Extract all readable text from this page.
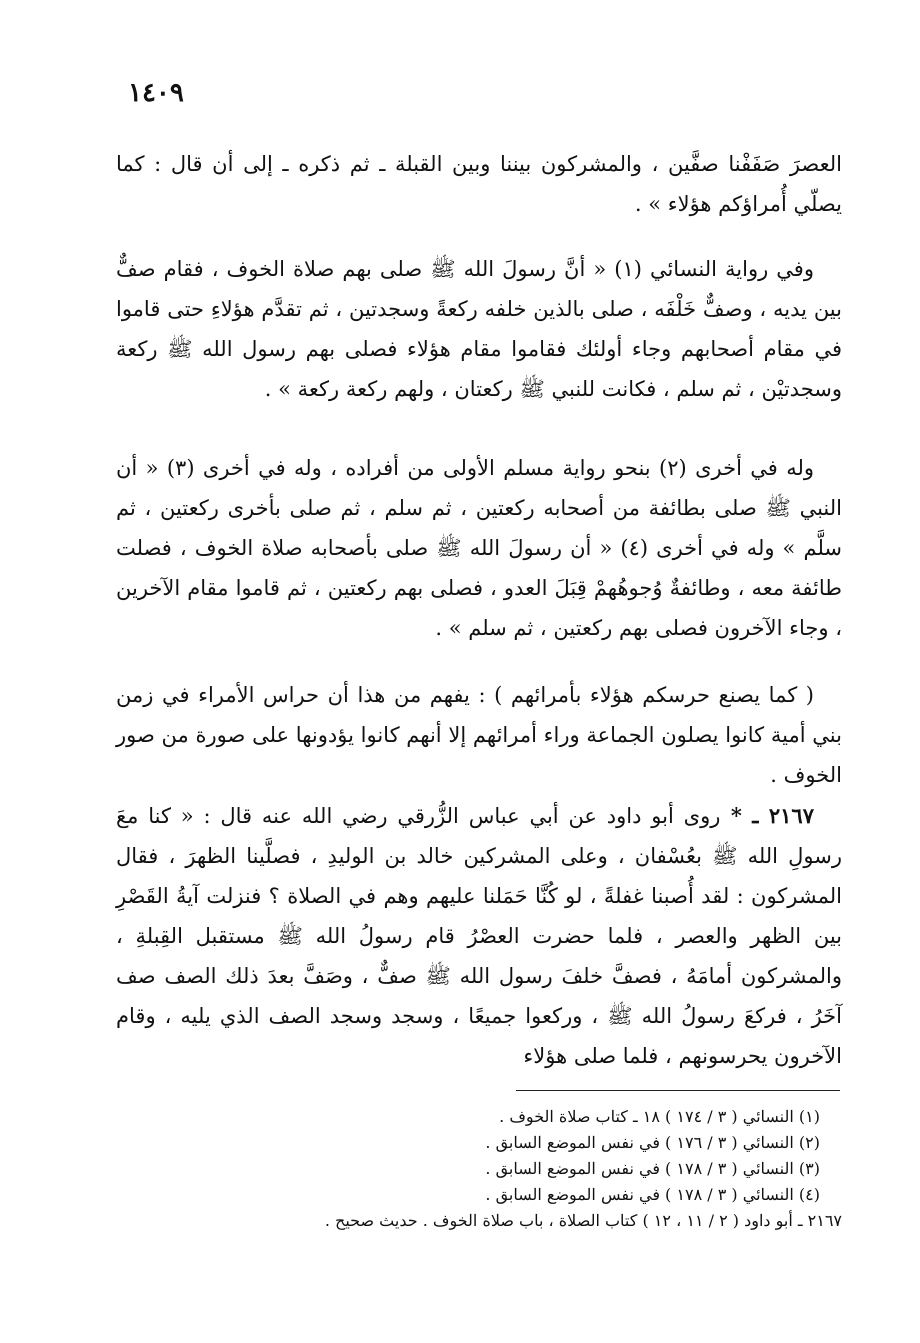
١٤٠٩

العصرَ صَفَفْنا صفَّين ، والمشركون بيننا وبين القبلة ـ ثم ذكره ـ إلى أن قال : كما يصلّي أُمراؤكم هؤلاء » .

وفي رواية النسائي (١) « أنَّ رسولَ الله ﷺ صلى بهم صلاة الخوف ، فقام صفٌّ بين يديه ، وصفٌّ خَلْفَه ، صلى بالذين خلفه ركعةً وسجدتين ، ثم تقدَّم هؤلاءِ حتى قاموا في مقام أصحابهم وجاء أولئك فقاموا مقام هؤلاء فصلى بهم رسول الله ﷺ ركعة وسجدتيْن ، ثم سلم ، فكانت للنبي ﷺ ركعتان ، ولهم ركعة ركعة » .

وله في أخرى (٢) بنحو رواية مسلم الأولى من أفراده ، وله في أخرى (٣) « أن النبي ﷺ صلى بطائفة من أصحابه ركعتين ، ثم سلم ، ثم صلى بأخرى ركعتين ، ثم سلَّم » وله في أخرى (٤) « أن رسولَ الله ﷺ صلى بأصحابه صلاة الخوف ، فصلت طائفة معه ، وطائفةٌ وُجوهُهمْ قِبَلَ العدو ، فصلى بهم ركعتين ، ثم قاموا مقام الآخرين ، وجاء الآخرون فصلى بهم ركعتين ، ثم سلم » .

( كما يصنع حرسكم هؤلاء بأمرائهم ) : يفهم من هذا أن حراس الأمراء في زمن بني أمية كانوا يصلون الجماعة وراء أمرائهم إلا أنهم كانوا يؤدونها على صورة من صور الخوف .

٢١٦٧ ـ * روى أبو داود عن أبي عباس الزُّرقي رضي الله عنه قال : « كنا معَ رسولِ الله ﷺ بعُسْفان ، وعلى المشركين خالد بن الوليدِ ، فصلَّينا الظهرَ ، فقال المشركون : لقد أُصبنا غفلةً ، لو كُنَّا حَمَلنا عليهم وهم في الصلاة ؟ فنزلت آيةُ القَصْرِ بين الظهر والعصر ، فلما حضرت العصْرُ قام رسولُ الله ﷺ مستقبل القِبلةِ ، والمشركون أمامَهُ ، فصفَّ خلفَ رسول الله ﷺ صفٌّ ، وصَفَّ بعدَ ذلك الصف صف آخَرُ ، فركعَ رسولُ الله ﷺ ، وركعوا جميعًا ، وسجد وسجد الصف الذي يليه ، وقام الآخرون يحرسونهم ، فلما صلى هؤلاء

(١) النسائي ( ٣ / ١٧٤ ) ١٨ ـ كتاب صلاة الخوف .
(٢) النسائي ( ٣ / ١٧٦ ) في نفس الموضع السابق .
(٣) النسائي ( ٣ / ١٧٨ ) في نفس الموضع السابق .
(٤) النسائي ( ٣ / ١٧٨ ) في نفس الموضع السابق .
٢١٦٧ ـ أبو داود ( ٢ / ١١ ، ١٢ ) كتاب الصلاة ، باب صلاة الخوف . حديث صحيح .
